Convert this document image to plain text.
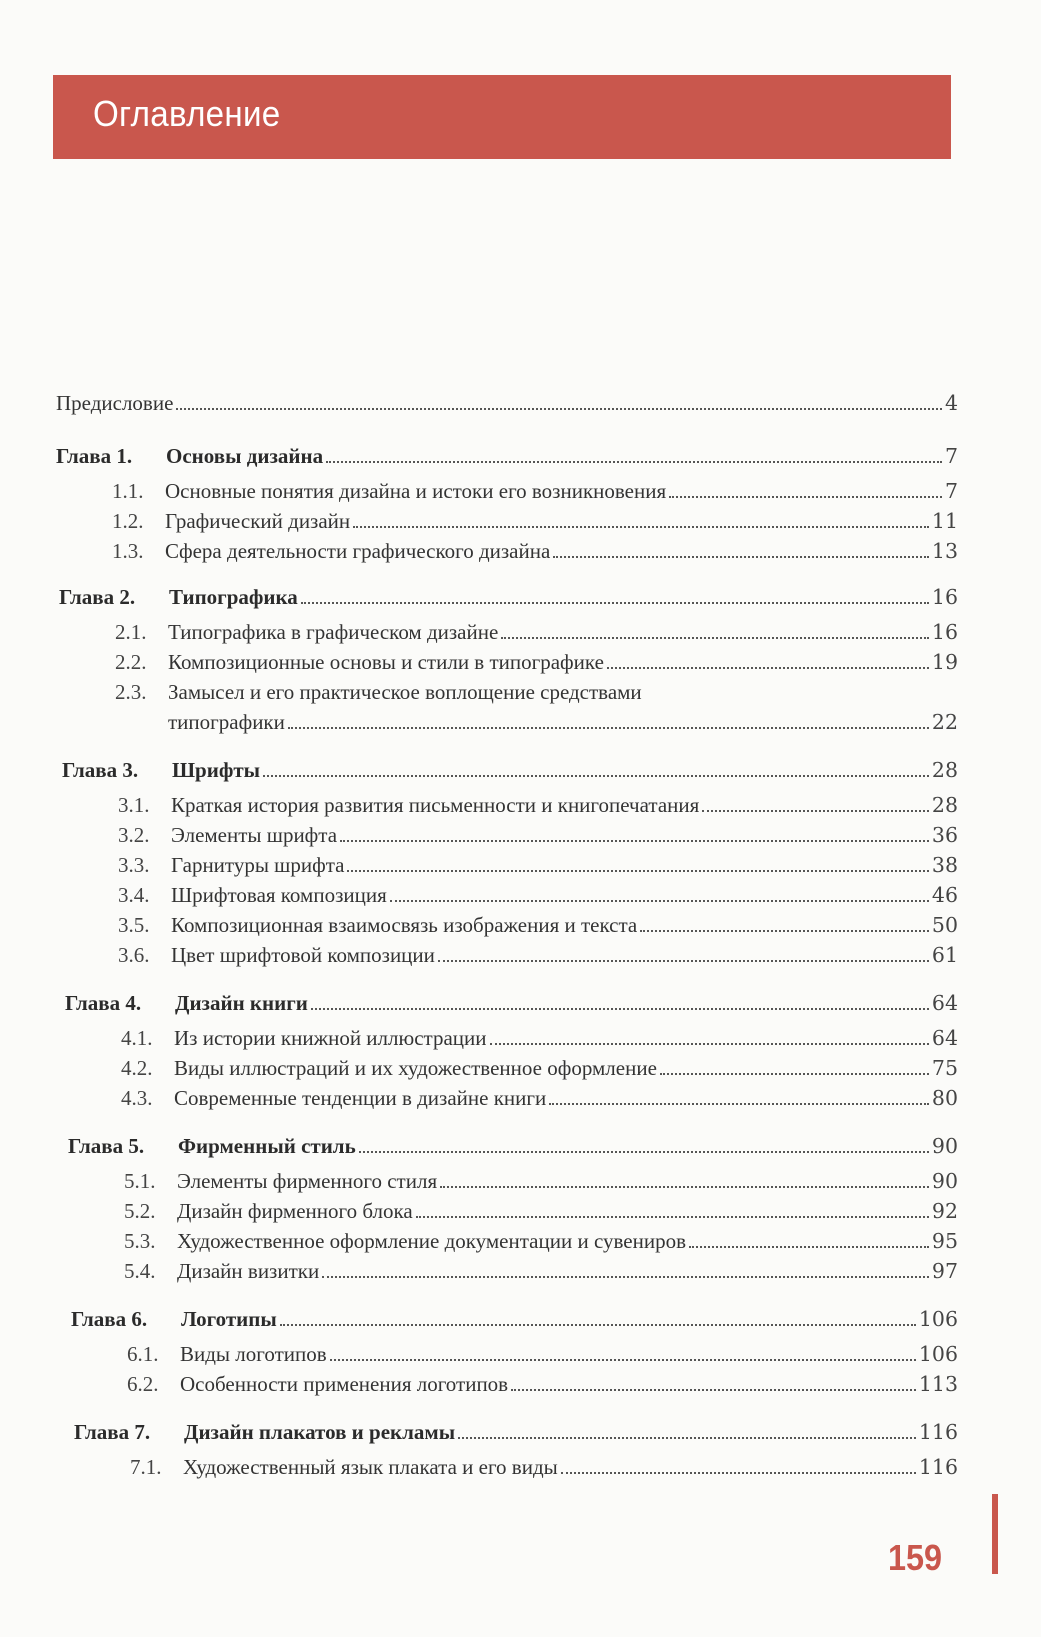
Оглавление
Предисловие	4
Глава 1.	Основы дизайна	7
1.1.	Основные понятия дизайна и истоки его возникновения	7
1.2.	Графический дизайн	11
1.3.	Сфера деятельности графического дизайна	13
Глава 2.	Типографика	16
2.1.	Типографика в графическом дизайне	16
2.2.	Композиционные основы и стили в типографике	19
2.3.	Замысел и его практическое воплощение средствами
типографики	22
Глава 3.	Шрифты	28
3.1.	Краткая история развития письменности и книгопечатания	28
3.2.	Элементы шрифта	36
3.3.	Гарнитуры шрифта	38
3.4.	Шрифтовая композиция	46
3.5.	Композиционная взаимосвязь изображения и текста	50
3.6.	Цвет шрифтовой композиции	61
Глава 4.	Дизайн книги	64
4.1.	Из истории книжной иллюстрации	64
4.2.	Виды иллюстраций и их художественное оформление	75
4.3.	Современные тенденции в дизайне книги	80
Глава 5.	Фирменный стиль	90
5.1.	Элементы фирменного стиля	90
5.2.	Дизайн фирменного блока	92
5.3.	Художественное оформление документации и сувениров	95
5.4.	Дизайн визитки	97
Глава 6.	Логотипы	106
6.1.	Виды логотипов	106
6.2.	Особенности применения логотипов	113
Глава 7.	Дизайн плакатов и рекламы	116
7.1.	Художественный язык плаката и его виды	116
159
